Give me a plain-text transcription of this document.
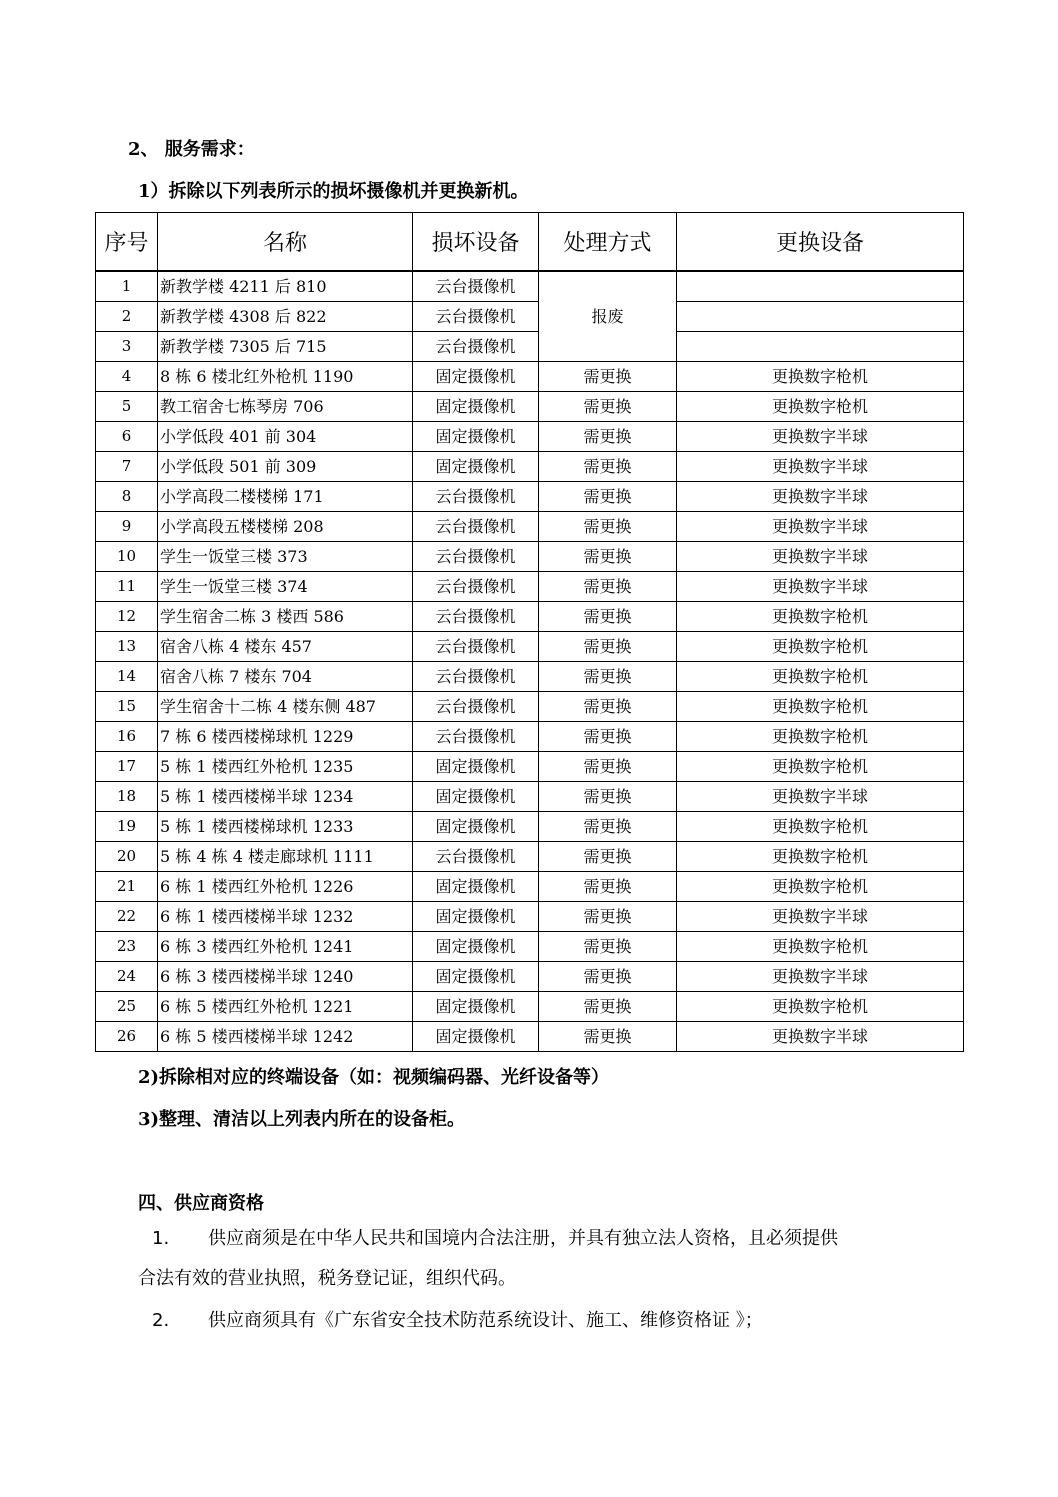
2、 服务需求：
1）拆除以下列表所示的损坏摄像机并更换新机。
序号	名称	损坏设备	处理方式	更换设备
1	新教学楼 4211 后 810	云台摄像机	报废	
2	新教学楼 4308 后 822	云台摄像机		
3	新教学楼 7305 后 715	云台摄像机		
4	8 栋 6 楼北红外枪机 1190	固定摄像机	需更换	更换数字枪机
5	教工宿舍七栋琴房 706	固定摄像机	需更换	更换数字枪机
6	小学低段 401 前 304	固定摄像机	需更换	更换数字半球
7	小学低段 501 前 309	固定摄像机	需更换	更换数字半球
8	小学高段二楼楼梯 171	云台摄像机	需更换	更换数字半球
9	小学高段五楼楼梯 208	云台摄像机	需更换	更换数字半球
10	学生一饭堂三楼 373	云台摄像机	需更换	更换数字半球
11	学生一饭堂三楼 374	云台摄像机	需更换	更换数字半球
12	学生宿舍二栋 3 楼西 586	云台摄像机	需更换	更换数字枪机
13	宿舍八栋 4 楼东 457	云台摄像机	需更换	更换数字枪机
14	宿舍八栋 7 楼东 704	云台摄像机	需更换	更换数字枪机
15	学生宿舍十二栋 4 楼东侧 487	云台摄像机	需更换	更换数字枪机
16	7 栋 6 楼西楼梯球机 1229	云台摄像机	需更换	更换数字枪机
17	5 栋 1 楼西红外枪机 1235	固定摄像机	需更换	更换数字枪机
18	5 栋 1 楼西楼梯半球 1234	固定摄像机	需更换	更换数字半球
19	5 栋 1 楼西楼梯球机 1233	固定摄像机	需更换	更换数字枪机
20	5 栋 4 栋 4 楼走廊球机 1111	云台摄像机	需更换	更换数字枪机
21	6 栋 1 楼西红外枪机 1226	固定摄像机	需更换	更换数字枪机
22	6 栋 1 楼西楼梯半球 1232	固定摄像机	需更换	更换数字半球
23	6 栋 3 楼西红外枪机 1241	固定摄像机	需更换	更换数字枪机
24	6 栋 3 楼西楼梯半球 1240	固定摄像机	需更换	更换数字半球
25	6 栋 5 楼西红外枪机 1221	固定摄像机	需更换	更换数字枪机
26	6 栋 5 楼西楼梯半球 1242	固定摄像机	需更换	更换数字半球
2)拆除相对应的终端设备（如：视频编码器、光纤设备等）
3)整理、清洁以上列表内所在的设备柜。
四、供应商资格
1. 供应商须是在中华人民共和国境内合法注册，并具有独立法人资格，且必须提供
合法有效的营业执照，税务登记证，组织代码。
2. 供应商须具有《广东省安全技术防范系统设计、施工、维修资格证 》；
